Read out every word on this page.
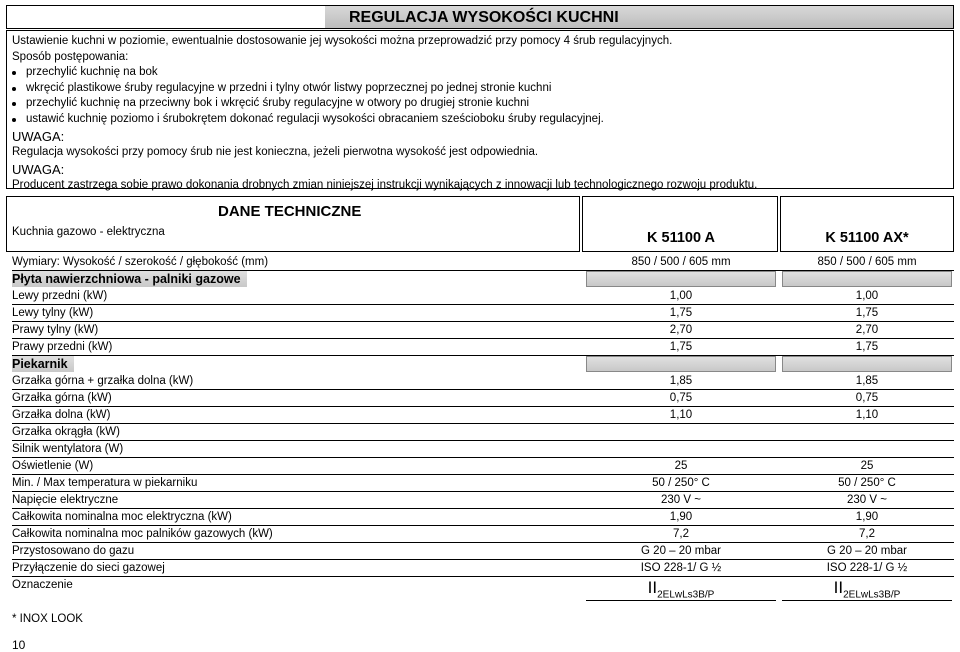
REGULACJA WYSOKOŚCI KUCHNI
Ustawienie kuchni w poziomie, ewentualnie dostosowanie jej wysokości można przeprowadzić przy pomocy 4 śrub regulacyjnych.
Sposób postępowania:
przechylić kuchnię na bok
wkręcić plastikowe śruby regulacyjne w przedni i tylny otwór listwy poprzecznej po jednej stronie kuchni
przechylić kuchnię na przeciwny bok i wkręcić śruby regulacyjne w otwory po drugiej stronie kuchni
ustawić kuchnię poziomo i śrubokrętem dokonać regulacji wysokości obracaniem sześcioboku śruby regulacyjnej.
UWAGA:
Regulacja wysokości przy pomocy śrub nie jest konieczna, jeżeli pierwotna wysokość jest odpowiednia.
UWAGA:
Producent zastrzega sobie prawo dokonania drobnych zmian niniejszej instrukcji wynikających z innowacji lub technologicznego rozwoju produktu.
DANE TECHNICZNE
Kuchnia gazowo - elektryczna	K 51100 A	K 51100 AX*
Wymiary: Wysokość / szerokość / głębokość (mm)	850 / 500 / 605 mm	850 / 500 / 605 mm
Płyta nawierzchniowa - palniki gazowe
Lewy przedni (kW)	1,00	1,00
Lewy tylny (kW)	1,75	1,75
Prawy tylny (kW)	2,70	2,70
Prawy przedni (kW)	1,75	1,75
Piekarnik
Grzałka górna + grzałka dolna (kW)	1,85	1,85
Grzałka górna (kW)	0,75	0,75
Grzałka dolna (kW)	1,10	1,10
Grzałka okrągła (kW)
Silnik wentylatora (W)
Oświetlenie (W)	25	25
Min. / Max temperatura w piekarniku	50 / 250° C	50 / 250° C
Napięcie elektryczne	230 V ~	230 V ~
Całkowita nominalna moc elektryczna (kW)	1,90	1,90
Całkowita nominalna moc palników gazowych (kW)	7,2	7,2
Przystosowano do gazu	G 20 – 20 mbar	G 20 – 20 mbar
Przyłączenie do sieci gazowej	ISO 228-1/ G ½	ISO 228-1/ G ½
Oznaczenie	$II_{2ELwLs3B/P}$	$II_{2ELwLs3B/P}$
* INOX LOOK
10
